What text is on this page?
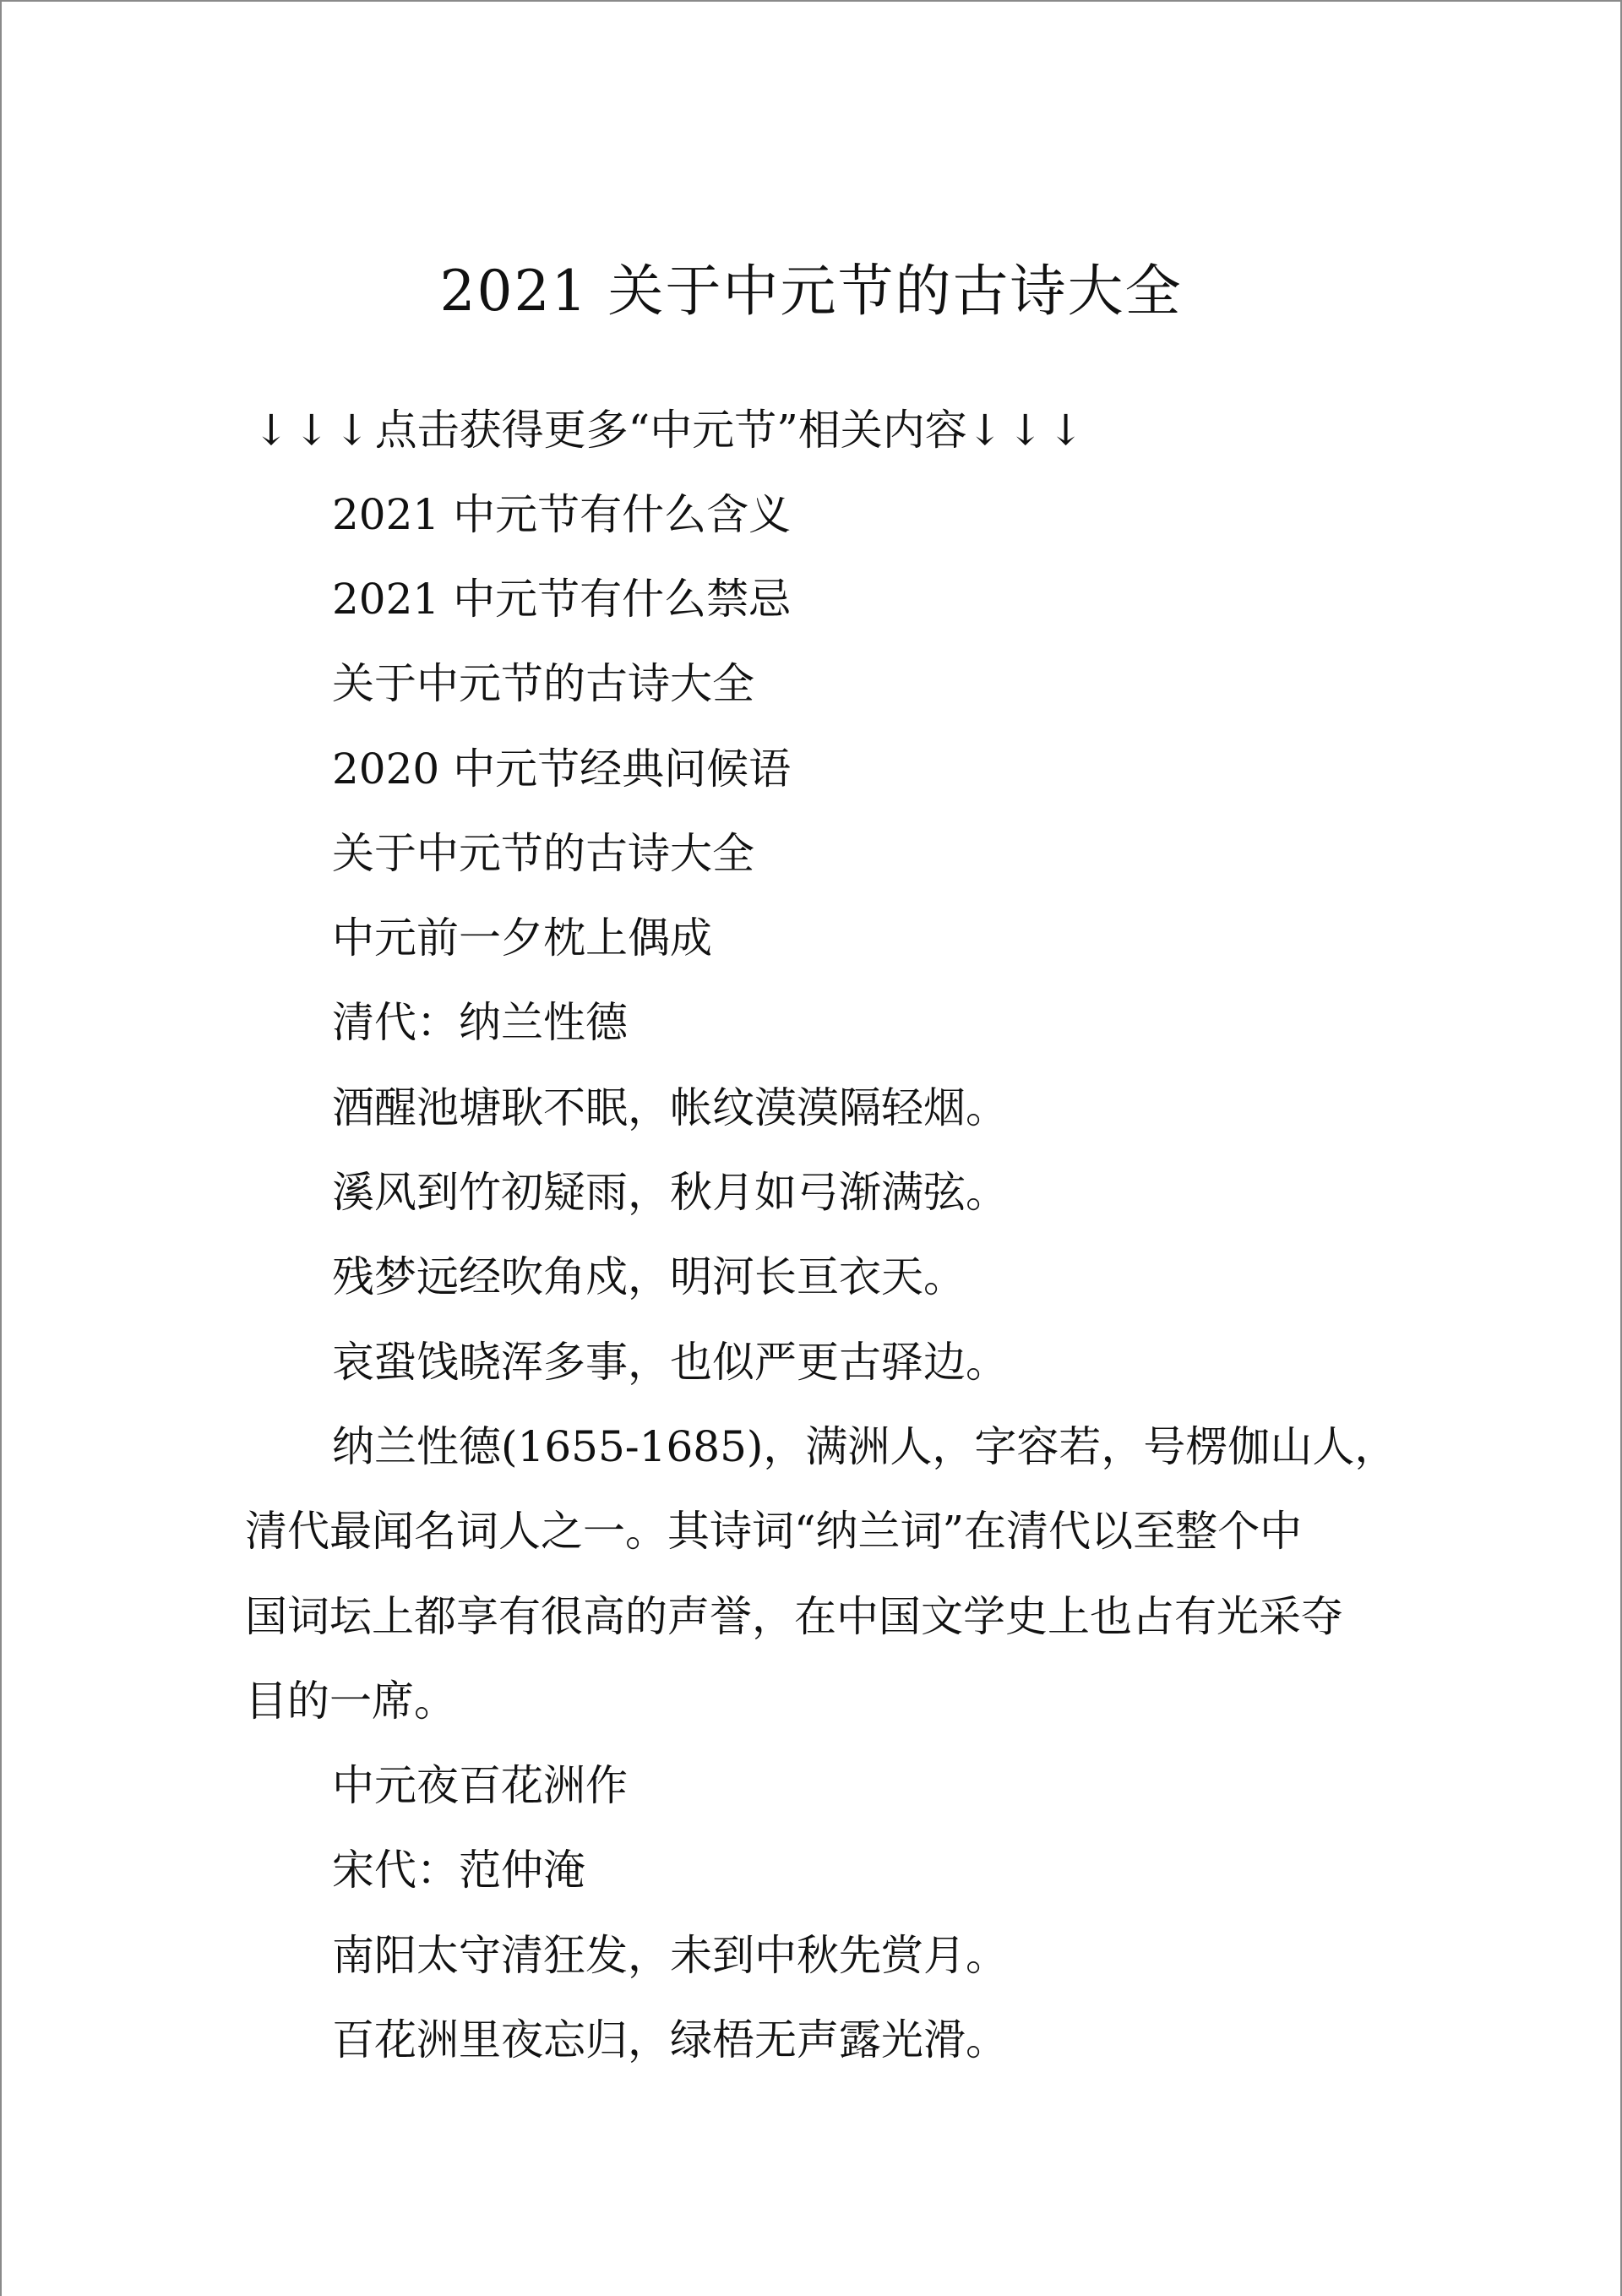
2021 关于中元节的古诗大全

↓↓↓点击获得更多“中元节”相关内容↓↓↓

2021 中元节有什么含义
2021 中元节有什么禁忌
关于中元节的古诗大全
2020 中元节经典问候语
关于中元节的古诗大全

中元前一夕枕上偶成

清代：纳兰性德

酒醒池塘耿不眠，帐纹漠漠隔轻烟。

溪风到竹初疑雨，秋月如弓渐满弦。

残梦远经吹角戍，明河长亘衣天。

哀蛩饯晓浑多事，也似严更古驿边。

纳兰性德(1655-1685)，满洲人，字容若，号楞伽山人，

清代最闻名词人之一。其诗词“纳兰词”在清代以至整个中

国词坛上都享有很高的声誉，在中国文学史上也占有光采夺

目的一席。

中元夜百花洲作

宋代：范仲淹

南阳太守清狂发，未到中秋先赏月。

百花洲里夜忘归，绿梧无声露光滑。
